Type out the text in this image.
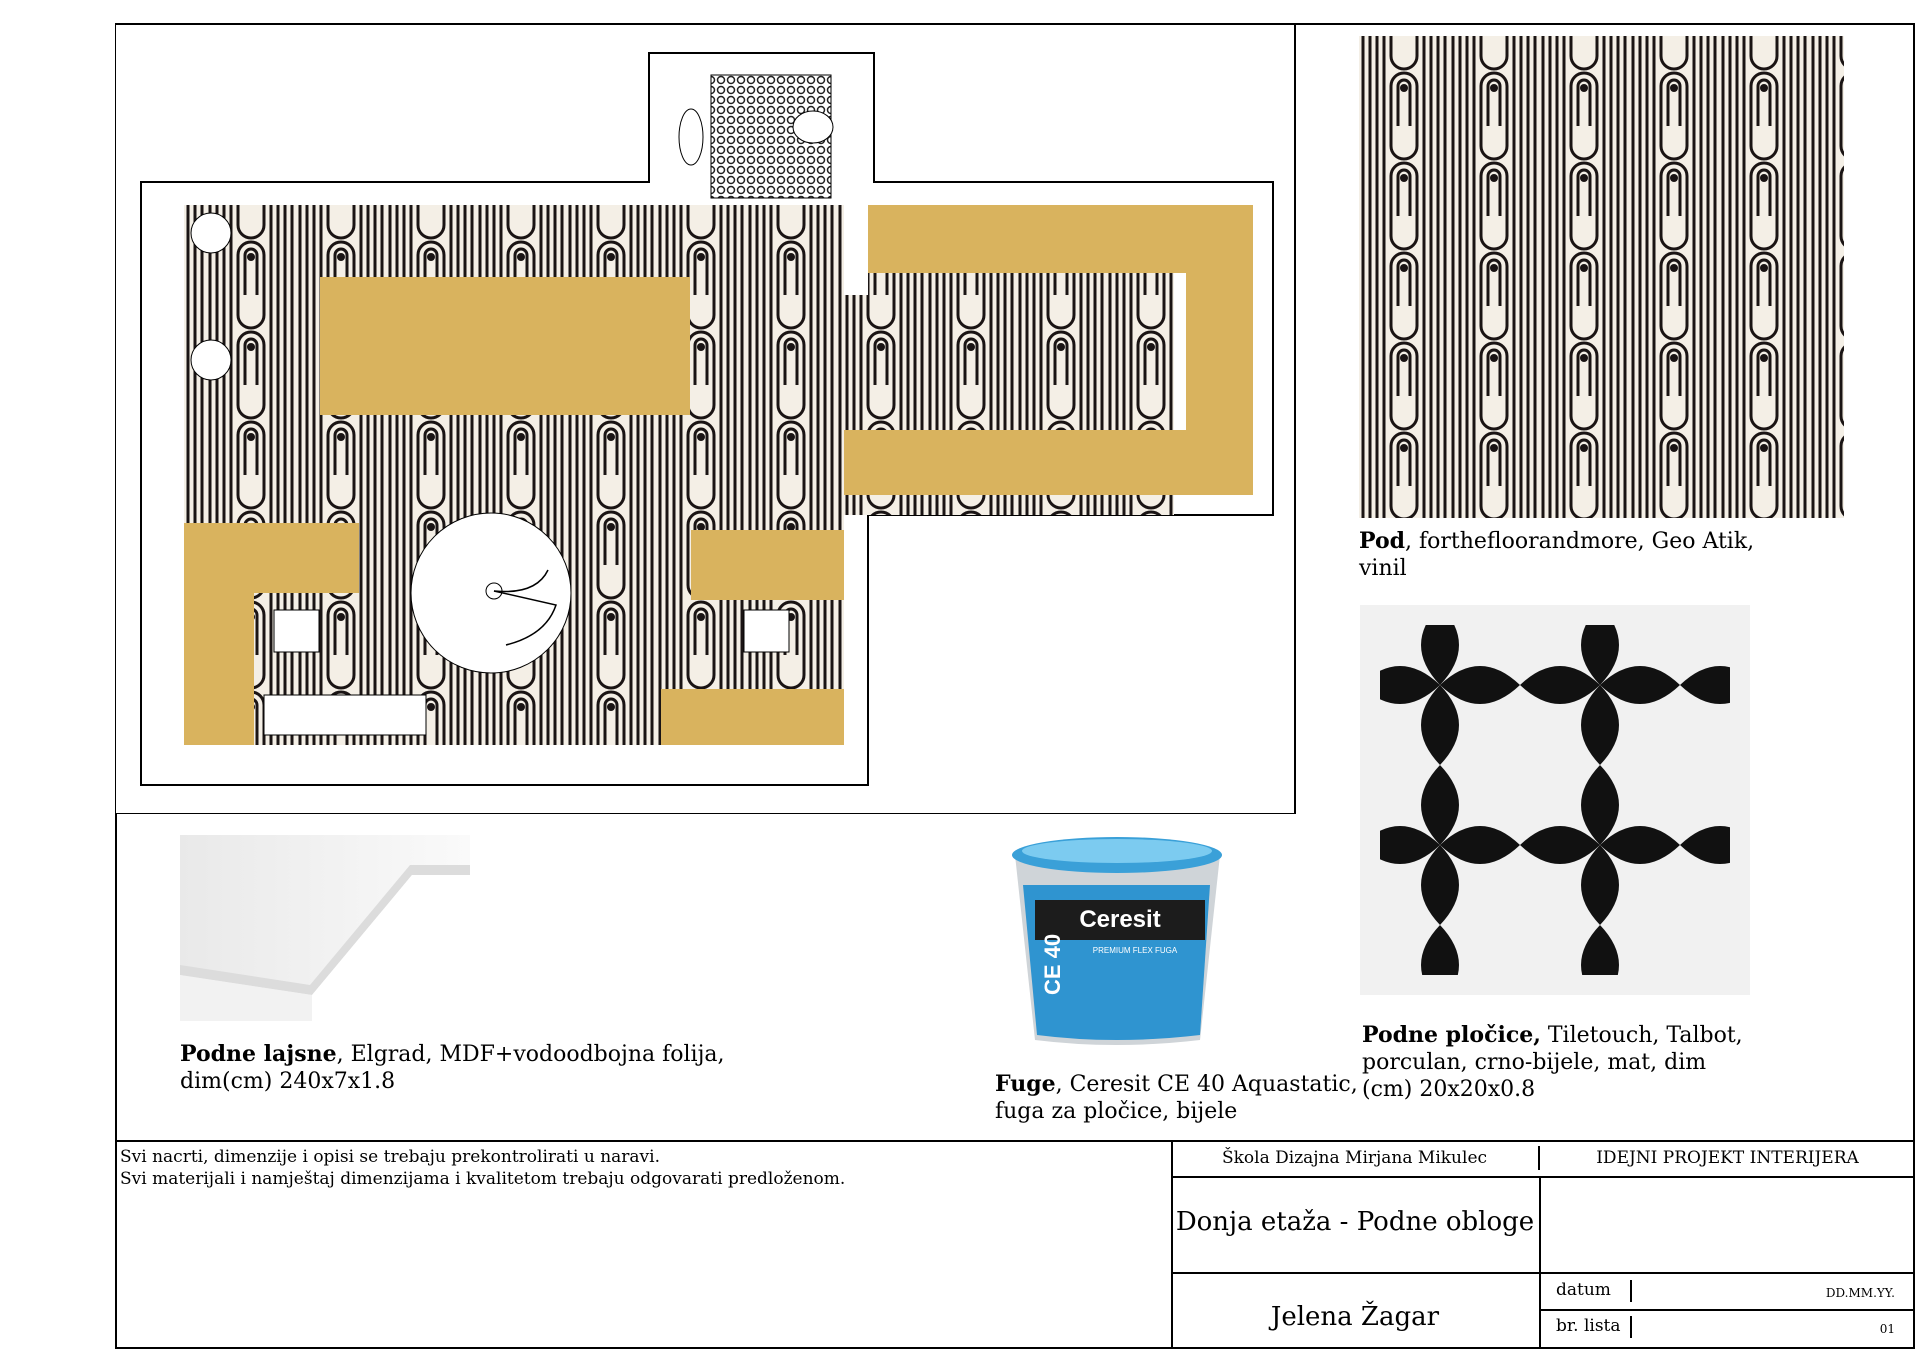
Pod, forthefloorandmore, Geo Atik,
vinil
Podne pločice, Tiletouch, Talbot,
porculan, crno-bijele, mat, dim
(cm) 20x20x0.8
Podne lajsne, Elgrad, MDF+vodoodbojna folija,
dim(cm) 240x7x1.8
Ceresit
CE 40	PREMIUM FLEX FUGA
Fuge, Ceresit CE 40 Aquastatic,
fuga za pločice, bijele
Svi nacrti, dimenzije i opisi se trebaju prekontrolirati u naravi.
Svi materijali i namještaj dimenzijama i kvalitetom trebaju odgovarati predloženom.
Škola Dizajna Mirjana Mikulec	IDEJNI PROJEKT INTERIJERA
Donja etaža - Podne obloge
Jelena Žagar
datum	DD.MM.YY.
br. lista	01
